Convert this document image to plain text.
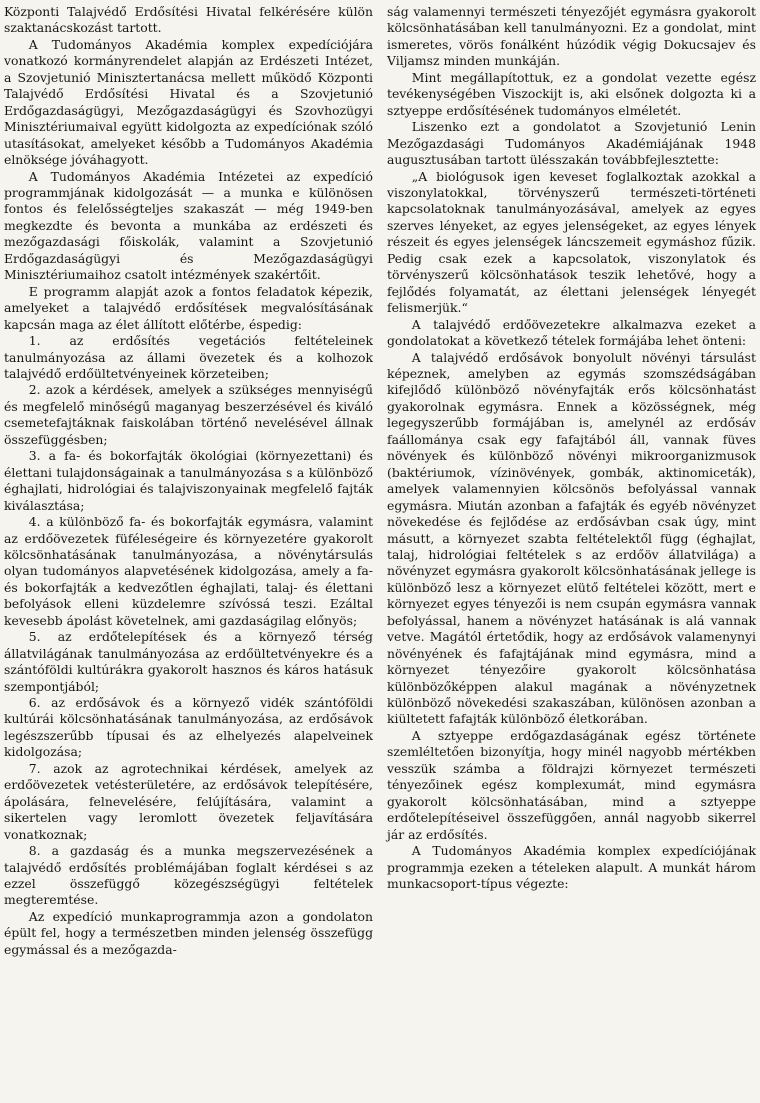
Központi Talajvédő Erdősítési Hivatal felkérésére külön szaktanácskozást tartott.

A Tudományos Akadémia komplex expedíciójára vonatkozó kormányrendelet alapján az Erdészeti Intézet, a Szovjetunió Minisztertanácsa mellett működő Központi Talajvédő Erdősítési Hivatal és a Szovjetunió Erdőgazdaságügyi, Mezőgazdaságügyi és Szovhozügyi Minisztériumaival együtt kidolgozta az expedíciónak szóló utasításokat, amelyeket később a Tudományos Akadémia elnöksége jóváhagyott.

A Tudományos Akadémia Intézetei az expedíció programmjának kidolgozását — a munka e különösen fontos és felelősségteljes szakaszát — még 1949-ben megkezdte és bevonta a munkába az erdészeti és mezőgazdasági főiskolák, valamint a Szovjetunió Erdőgazdaságügyi és Mezőgazdaságügyi Minisztériumaihoz csatolt intézmények szakértőit.

E programm alapját azok a fontos feladatok képezik, amelyeket a talajvédő erdősítések megvalósításának kapcsán maga az élet állított előtérbe, éspedig:

1. az erdősítés vegetációs feltételeinek tanulmányozása az állami övezetek és a kolhozok talajvédő erdőültetvényeinek körzeteiben;

2. azok a kérdések, amelyek a szükséges mennyiségű és megfelelő minőségű maganyag beszerzésével és kiváló csemetefajtáknak faiskolában történő nevelésével állnak összefüggésben;

3. a fa- és bokorfajták ökológiai (környezettani) és élettani tulajdonságainak a tanulmányozása s a különböző éghajlati, hidrológiai és talajviszonyainak megfelelő fajták kiválasztása;

4. a különböző fa- és bokorfajták egymásra, valamint az erdőövezetek füféleségeire és környezetére gyakorolt kölcsönhatásának tanulmányozása, a növénytársulás olyan tudományos alapvetésének kidolgozása, amely a fa- és bokorfajták a kedvezőtlen éghajlati, talaj- és élettani befolyások elleni küzdelemre szívóssá teszi. Ezáltal kevesebb ápolást követelnek, ami gazdaságilag előnyös;

5. az erdőtelepítések és a környező térség állatvilágának tanulmányozása az erdőültetvényekre és a szántóföldi kultúrákra gyakorolt hasznos és káros hatásuk szempontjából;

6. az erdősávok és a környező vidék szántóföldi kultúrái kölcsönhatásának tanulmányozása, az erdősávok legészszerűbb típusai és az elhelyezés alapelveinek kidolgozása;

7. azok az agrotechnikai kérdések, amelyek az erdőövezetek vetésterületére, az erdősávok telepítésére, ápolására, felnevelésére, felújítására, valamint a sikertelen vagy leromlott övezetek feljavítására vonatkoznak;

8. a gazdaság és a munka megszervezésének a talajvédő erdősítés problémájában foglalt kérdései s az ezzel összefüggő közegészségügyi feltételek megteremtése.

Az expedíció munkaprogrammja azon a gondolaton épült fel, hogy a természetben minden jelenség összefügg egymással és a mezőgazda-

ság valamennyi természeti tényezőjét egymásra gyakorolt kölcsönhatásában kell tanulmányozni. Ez a gondolat, mint ismeretes, vörös fonálként húzódik végig Dokucsajev és Viljamsz minden munkáján.

Mint megállapítottuk, ez a gondolat vezette egész tevékenységében Viszockijt is, aki elsőnek dolgozta ki a sztyeppe erdősítésének tudományos elméletét.

Liszenko ezt a gondolatot a Szovjetunió Lenin Mezőgazdasági Tudományos Akadémiájának 1948 augusztusában tartott ülésszakán továbbfejlesztette:

„A biológusok igen keveset foglalkoztak azokkal a viszonylatokkal, törvényszerű természeti-történeti kapcsolatoknak tanulmányozásával, amelyek az egyes szerves lényeket, az egyes jelenségeket, az egyes lények részeit és egyes jelenségek láncszemeit egymáshoz fűzik. Pedig csak ezek a kapcsolatok, viszonylatok és törvényszerű kölcsönhatások teszik lehetővé, hogy a fejlődés folyamatát, az élettani jelenségek lényegét felismerjük.“

A talajvédő erdőövezetekre alkalmazva ezeket a gondolatokat a következő tételek formájába lehet önteni:

A talajvédő erdősávok bonyolult növényi társulást képeznek, amelyben az egymás szomszédságában kifejlődő különböző növényfajták erős kölcsönhatást gyakorolnak egymásra. Ennek a közösségnek, még legegyszerűbb formájában is, amelynél az erdősáv faállománya csak egy fafajtából áll, vannak füves növények és különböző növényi mikroorganizmusok (baktériumok, vízinövények, gombák, aktinomiceták), amelyek valamennyien kölcsönös befolyással vannak egymásra. Miután azonban a fafajták és egyéb növényzet növekedése és fejlődése az erdősávban csak úgy, mint másutt, a környezet szabta feltételektől függ (éghajlat, talaj, hidrológiai feltételek s az erdőöv állatvilága) a növényzet egymásra gyakorolt kölcsönhatásának jellege is különböző lesz a környezet elütő feltételei között, mert e környezet egyes tényezői is nem csupán egymásra vannak befolyással, hanem a növényzet hatásának is alá vannak vetve. Magától értetődik, hogy az erdősávok valamenynyi növényének és fafajtájának mind egymásra, mind a környezet tényezőire gyakorolt kölcsönhatása különbözőképpen alakul magának a növényzetnek különböző növekedési szakaszában, különösen azonban a kiültetett fafajták különböző életkorában.

A sztyeppe erdőgazdaságának egész története szemléltetően bizonyítja, hogy minél nagyobb mértékben vesszük számba a földrajzi környezet természeti tényezőinek egész komplexumát, mind egymásra gyakorolt kölcsönhatásában, mind a sztyeppe erdőtelepítéseivel összefüggően, annál nagyobb sikerrel jár az erdősítés.

A Tudományos Akadémia komplex expedíciójának programmja ezeken a tételeken alapult. A munkát három munkacsoport-típus végezte:
